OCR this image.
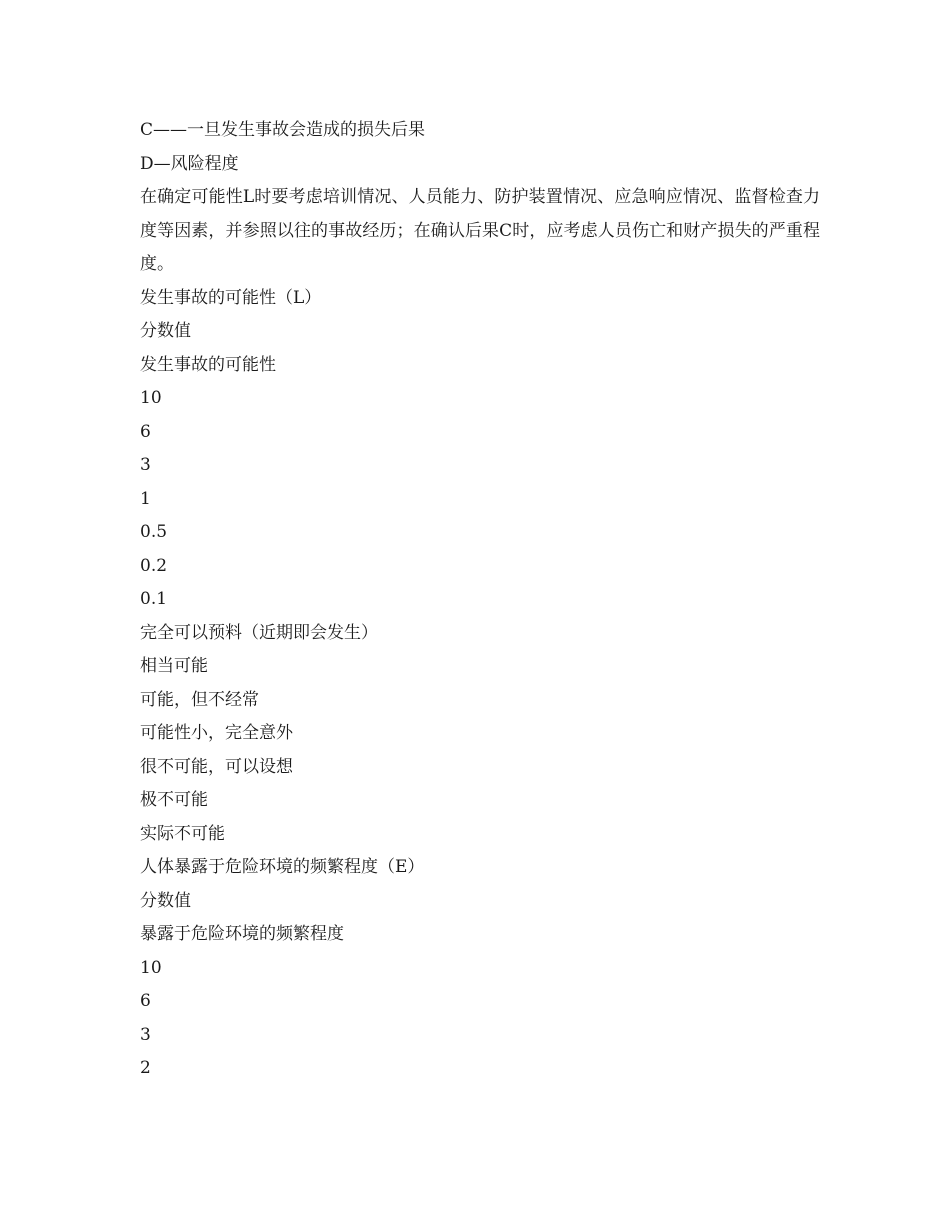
C——一旦发生事故会造成的损失后果
D—风险程度
在确定可能性L时要考虑培训情况、人员能力、防护装置情况、应急响应情况、监督检查力度等因素，并参照以往的事故经历；在确认后果C时，应考虑人员伤亡和财产损失的严重程度。
发生事故的可能性（L）
分数值
发生事故的可能性
10
6
3
1
0.5
0.2
0.1
完全可以预料（近期即会发生）
相当可能
可能，但不经常
可能性小，完全意外
很不可能，可以设想
极不可能
实际不可能
人体暴露于危险环境的频繁程度（E）
分数值
暴露于危险环境的频繁程度
10
6
3
2
